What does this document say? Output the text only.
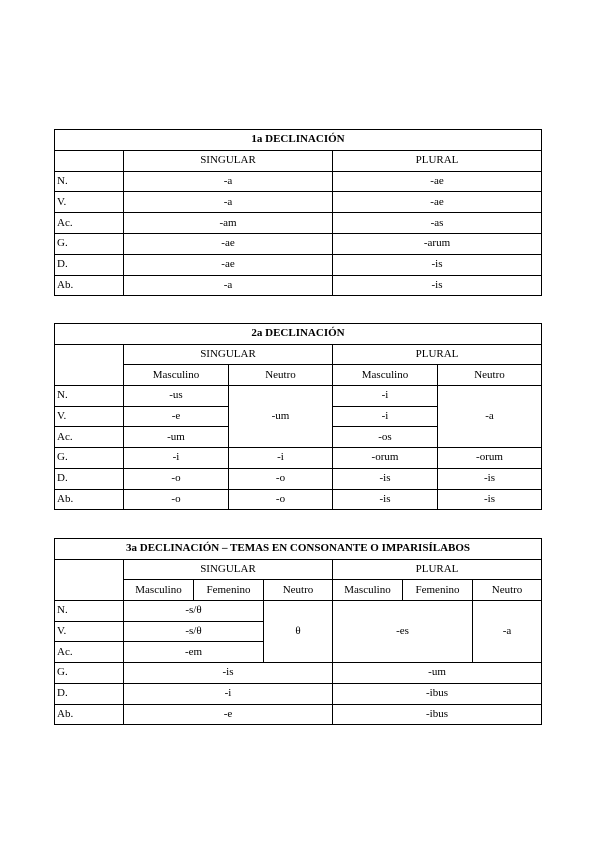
1a DECLINACIÓN		
	SINGULAR	PLURAL
N.	-a	-ae
V.	-a	-ae
Ac.	-am	-as
G.	-ae	-arum
D.	-ae	-is
Ab.	-a	-is
2a DECLINACIÓN				
	SINGULAR		PLURAL	
	Masculino	Neutro	Masculino	Neutro
N.	-us	-um	-i	-a
V.	-e		-i	
Ac.	-um		-os	
G.	-i	-i	-orum	-orum
D.	-o	-o	-is	-is
Ab.	-o	-o	-is	-is
3a DECLINACIÓN – TEMAS EN CONSONANTE O IMPARISÍLABOS						
	SINGULAR			PLURAL		
	Masculino	Femenino	Neutro	Masculino	Femenino	Neutro
N.	-s/θ		θ	-es		-a
V.	-s/θ					
Ac.	-em					
G.	-is			-um		
D.	-i			-ibus		
Ab.	-e			-ibus		
